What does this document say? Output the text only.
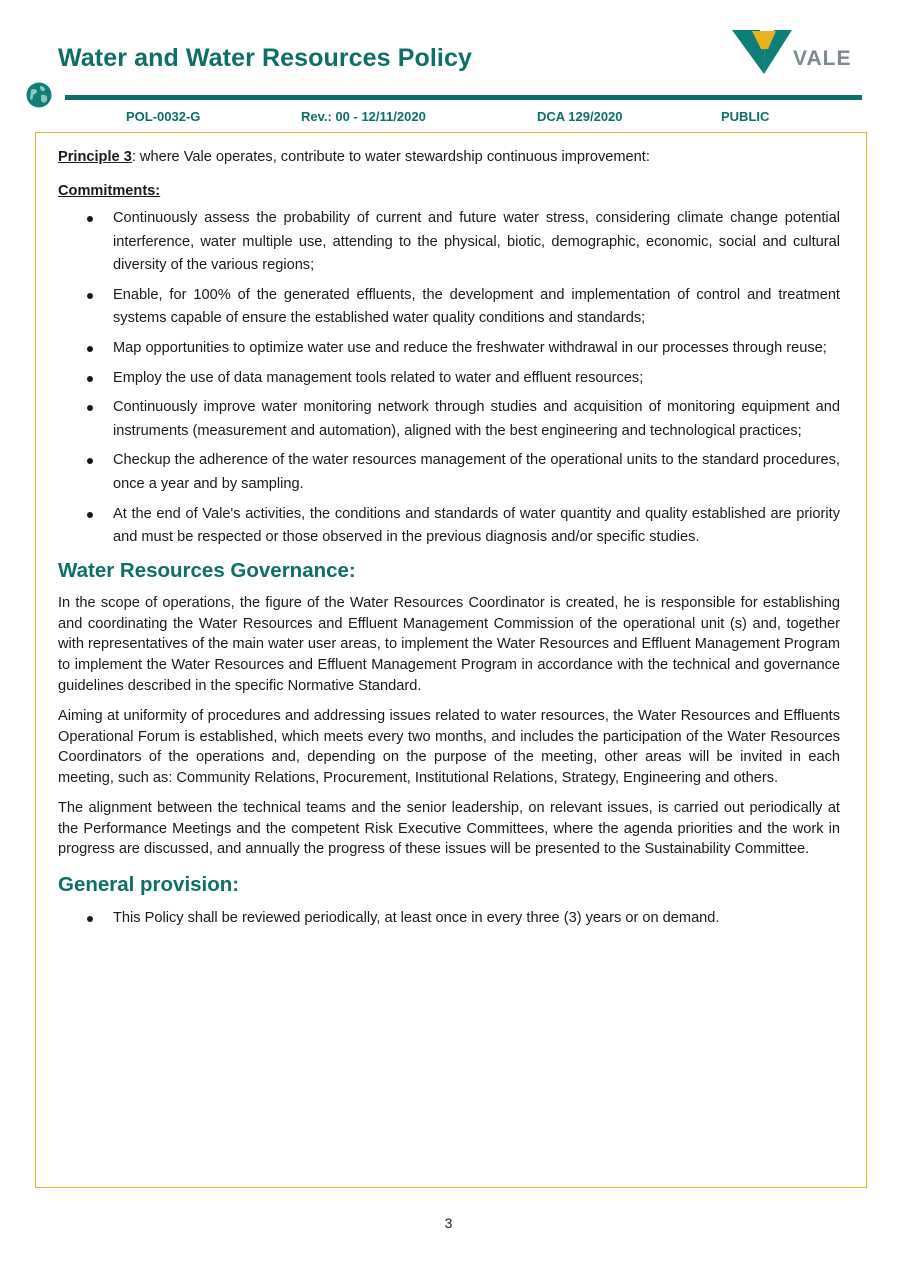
Water and Water Resources Policy	VALE
POL-0032-G	Rev.: 00 - 12/11/2020	DCA 129/2020	PUBLIC

Principle 3: where Vale operates, contribute to water stewardship continuous improvement:

Commitments:

Continuously assess the probability of current and future water stress, considering climate change potential interference, water multiple use, attending to the physical, biotic, demographic, economic, social and cultural diversity of the various regions;
Enable, for 100% of the generated effluents, the development and implementation of control and treatment systems capable of ensure the established water quality conditions and standards;
Map opportunities to optimize water use and reduce the freshwater withdrawal in our processes through reuse;
Employ the use of data management tools related to water and effluent resources;
Continuously improve water monitoring network through studies and acquisition of monitoring equipment and instruments (measurement and automation), aligned with the best engineering and technological practices;
Checkup the adherence of the water resources management of the operational units to the standard procedures, once a year and by sampling.
At the end of Vale's activities, the conditions and standards of water quantity and quality established are priority and must be respected or those observed in the previous diagnosis and/or specific studies.
Water Resources Governance:

In the scope of operations, the figure of the Water Resources Coordinator is created, he is responsible for establishing and coordinating the Water Resources and Effluent Management Commission of the operational unit (s) and, together with representatives of the main water user areas, to implement the Water Resources and Effluent Management Program to implement the Water Resources and Effluent Management Program in accordance with the technical and governance guidelines described in the specific Normative Standard.

Aiming at uniformity of procedures and addressing issues related to water resources, the Water Resources and Effluents Operational Forum is established, which meets every two months, and includes the participation of the Water Resources Coordinators of the operations and, depending on the purpose of the meeting, other areas will be invited in each meeting, such as: Community Relations, Procurement, Institutional Relations, Strategy, Engineering and others.

The alignment between the technical teams and the senior leadership, on relevant issues, is carried out periodically at the Performance Meetings and the competent Risk Executive Committees, where the agenda priorities and the work in progress are discussed, and annually the progress of these issues will be presented to the Sustainability Committee.

General provision:
This Policy shall be reviewed periodically, at least once in every three (3) years or on demand.
3
